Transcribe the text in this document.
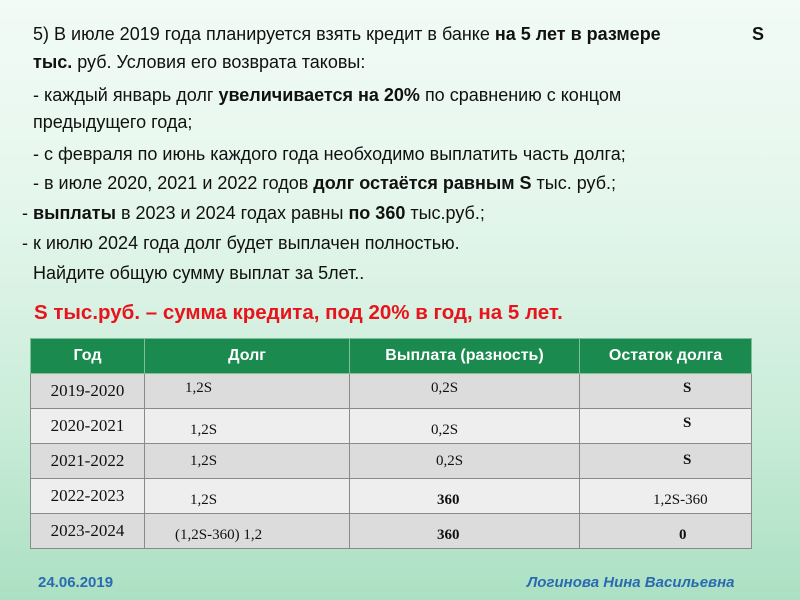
5) В июле 2019 года планируется взять кредит в банке на 5 лет в размере	S
тыс. руб. Условия его возврата таковы:
- каждый январь долг увеличивается на 20% по сравнению с концом
предыдущего года;
- с февраля по июнь каждого года необходимо выплатить часть долга;
- в июле 2020, 2021 и 2022 годов долг остаётся равным S тыс. руб.;
- выплаты в 2023 и 2024 годах равны по 360 тыс.руб.;
- к июлю 2024 года долг будет выплачен полностью.
Найдите общую сумму выплат за 5лет..
S тыс.руб. – сумма кредита, под 20% в год, на 5 лет.
Год	Долг	Выплата (разность)	Остаток долга
2019-2020	1,2S	0,2S	S

2020-2021	1,2S	0,2S	S

2021-2022	1,2S	0,2S	S

2022-2023	1,2S	360	1,2S-360

2023-2024	(1,2S-360) 1,2	360	0
24.06.2019	Логинова Нина Васильевна
